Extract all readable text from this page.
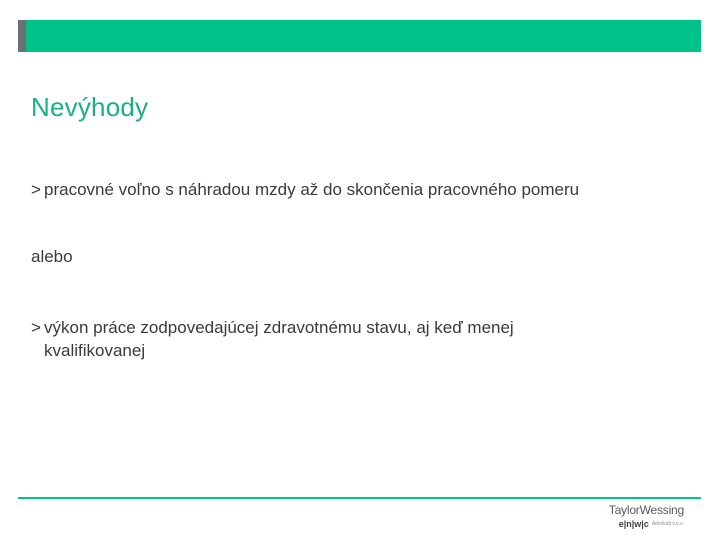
Nevýhody
> pracovné voľno s náhradou mzdy až do skončenia pracovného pomeru
alebo
> výkon práce zodpovedajúcej zdravotnému stavu, aj keď menej
kvalifikovanej
TaylorWessing
e|n|w|c Advokáti v.o.s.
